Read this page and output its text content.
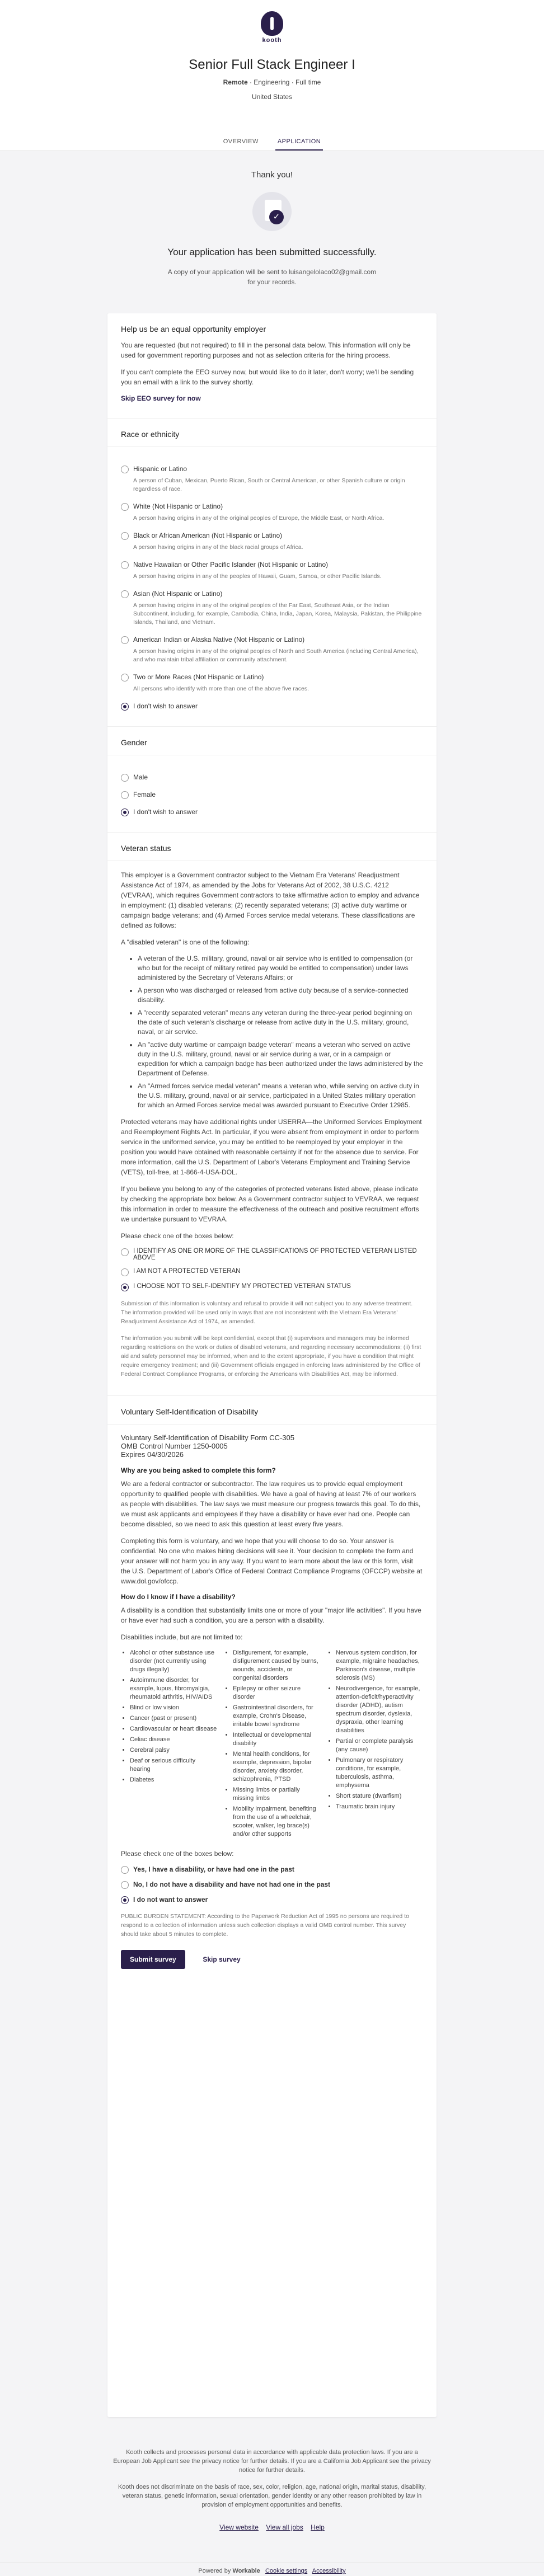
kooth
Senior Full Stack Engineer I
Remote · Engineering · Full time
United States
OVERVIEW	APPLICATION
Thank you!
✓
Your application has been submitted successfully.
A copy of your application will be sent to luisangelolaco02@gmail.com
for your records.
Help us be an equal opportunity employer

You are requested (but not required) to fill in the personal data below. This information will only be used for government reporting purposes and not as selection criteria for the hiring process.

If you can't complete the EEO survey now, but would like to do it later, don't worry; we'll be sending you an email with a link to the survey shortly.

Skip EEO survey for now
Race or ethnicity
Hispanic or Latino
A person of Cuban, Mexican, Puerto Rican, South or Central American, or other Spanish culture or origin regardless of race.
White (Not Hispanic or Latino)
A person having origins in any of the original peoples of Europe, the Middle East, or North Africa.
Black or African American (Not Hispanic or Latino)
A person having origins in any of the black racial groups of Africa.
Native Hawaiian or Other Pacific Islander (Not Hispanic or Latino)
A person having origins in any of the peoples of Hawaii, Guam, Samoa, or other Pacific Islands.
Asian (Not Hispanic or Latino)
A person having origins in any of the original peoples of the Far East, Southeast Asia, or the Indian Subcontinent, including, for example, Cambodia, China, India, Japan, Korea, Malaysia, Pakistan, the Philippine Islands, Thailand, and Vietnam.
American Indian or Alaska Native (Not Hispanic or Latino)
A person having origins in any of the original peoples of North and South America (including Central America), and who maintain tribal affiliation or community attachment.
Two or More Races (Not Hispanic or Latino)
All persons who identify with more than one of the above five races.
I don't wish to answer
Gender
Male
Female
I don't wish to answer
Veteran status

This employer is a Government contractor subject to the Vietnam Era Veterans' Readjustment Assistance Act of 1974, as amended by the Jobs for Veterans Act of 2002, 38 U.S.C. 4212 (VEVRAA), which requires Government contractors to take affirmative action to employ and advance in employment: (1) disabled veterans; (2) recently separated veterans; (3) active duty wartime or campaign badge veterans; and (4) Armed Forces service medal veterans. These classifications are defined as follows:

A "disabled veteran" is one of the following:

• A veteran of the U.S. military, ground, naval or air service who is entitled to compensation (or who but for the receipt of military retired pay would be entitled to compensation) under laws administered by the Secretary of Veterans Affairs; or
• A person who was discharged or released from active duty because of a service-connected disability.
• A "recently separated veteran" means any veteran during the three-year period beginning on the date of such veteran's discharge or release from active duty in the U.S. military, ground, naval, or air service.
• An "active duty wartime or campaign badge veteran" means a veteran who served on active duty in the U.S. military, ground, naval or air service during a war, or in a campaign or expedition for which a campaign badge has been authorized under the laws administered by the Department of Defense.
• An "Armed forces service medal veteran" means a veteran who, while serving on active duty in the U.S. military, ground, naval or air service, participated in a United States military operation for which an Armed Forces service medal was awarded pursuant to Executive Order 12985.

Protected veterans may have additional rights under USERRA—the Uniformed Services Employment and Reemployment Rights Act. In particular, if you were absent from employment in order to perform service in the uniformed service, you may be entitled to be reemployed by your employer in the position you would have obtained with reasonable certainty if not for the absence due to service. For more information, call the U.S. Department of Labor's Veterans Employment and Training Service (VETS), toll-free, at 1-866-4-USA-DOL.

If you believe you belong to any of the categories of protected veterans listed above, please indicate by checking the appropriate box below. As a Government contractor subject to VEVRAA, we request this information in order to measure the effectiveness of the outreach and positive recruitment efforts we undertake pursuant to VEVRAA.

Please check one of the boxes below:

I IDENTIFY AS ONE OR MORE OF THE CLASSIFICATIONS OF PROTECTED VETERAN LISTED ABOVE
I AM NOT A PROTECTED VETERAN
I CHOOSE NOT TO SELF-IDENTIFY MY PROTECTED VETERAN STATUS

Submission of this information is voluntary and refusal to provide it will not subject you to any adverse treatment. The information provided will be used only in ways that are not inconsistent with the Vietnam Era Veterans' Readjustment Assistance Act of 1974, as amended.

The information you submit will be kept confidential, except that (i) supervisors and managers may be informed regarding restrictions on the work or duties of disabled veterans, and regarding necessary accommodations; (ii) first aid and safety personnel may be informed, when and to the extent appropriate, if you have a condition that might require emergency treatment; and (iii) Government officials engaged in enforcing laws administered by the Office of Federal Contract Compliance Programs, or enforcing the Americans with Disabilities Act, may be informed.

Voluntary Self-Identification of Disability
Voluntary Self-Identification of Disability Form CC-305
OMB Control Number 1250-0005
Expires 04/30/2026
Why are you being asked to complete this form?

We are a federal contractor or subcontractor. The law requires us to provide equal employment opportunity to qualified people with disabilities. We have a goal of having at least 7% of our workers as people with disabilities. The law says we must measure our progress towards this goal. To do this, we must ask applicants and employees if they have a disability or have ever had one. People can become disabled, so we need to ask this question at least every five years.

Completing this form is voluntary, and we hope that you will choose to do so. Your answer is confidential. No one who makes hiring decisions will see it. Your decision to complete the form and your answer will not harm you in any way. If you want to learn more about the law or this form, visit the U.S. Department of Labor's Office of Federal Contract Compliance Programs (OFCCP) website at www.dol.gov/ofccp.

How do I know if I have a disability?

A disability is a condition that substantially limits one or more of your "major life activities". If you have or have ever had such a condition, you are a person with a disability.

Disabilities include, but are not limited to:

• Alcohol or other substance use disorder (not currently using drugs illegally)
• Autoimmune disorder, for example, lupus, fibromyalgia, rheumatoid arthritis, HIV/AIDS
• Blind or low vision
• Cancer (past or present)
• Cardiovascular or heart disease
• Celiac disease
• Cerebral palsy
• Deaf or serious difficulty hearing
• Diabetes
• Disfigurement, for example, disfigurement caused by burns, wounds, accidents, or congenital disorders
• Epilepsy or other seizure disorder
• Gastrointestinal disorders, for example, Crohn's Disease, irritable bowel syndrome
• Intellectual or developmental disability
• Mental health conditions, for example, depression, bipolar disorder, anxiety disorder, schizophrenia, PTSD
• Missing limbs or partially missing limbs
• Mobility impairment, benefiting from the use of a wheelchair, scooter, walker, leg brace(s) and/or other supports
• Nervous system condition, for example, migraine headaches, Parkinson's disease, multiple sclerosis (MS)
• Neurodivergence, for example, attention-deficit/hyperactivity disorder (ADHD), autism spectrum disorder, dyslexia, dyspraxia, other learning disabilities
• Partial or complete paralysis (any cause)
• Pulmonary or respiratory conditions, for example, tuberculosis, asthma, emphysema
• Short stature (dwarfism)
• Traumatic brain injury

Please check one of the boxes below:

Yes, I have a disability, or have had one in the past
No, I do not have a disability and have not had one in the past
I do not want to answer

PUBLIC BURDEN STATEMENT: According to the Paperwork Reduction Act of 1995 no persons are required to respond to a collection of information unless such collection displays a valid OMB control number. This survey should take about 5 minutes to complete.

Submit survey	Skip survey

Kooth collects and processes personal data in accordance with applicable data protection laws. If you are a European Job Applicant see the privacy notice for further details. If you are a California Job Applicant see the privacy notice for further details.

Kooth does not discriminate on the basis of race, sex, color, religion, age, national origin, marital status, disability, veteran status, genetic information, sexual orientation, gender identity or any other reason prohibited by law in provision of employment opportunities and benefits.

View website View all jobs Help
Powered by Workable Cookie settings Accessibility
